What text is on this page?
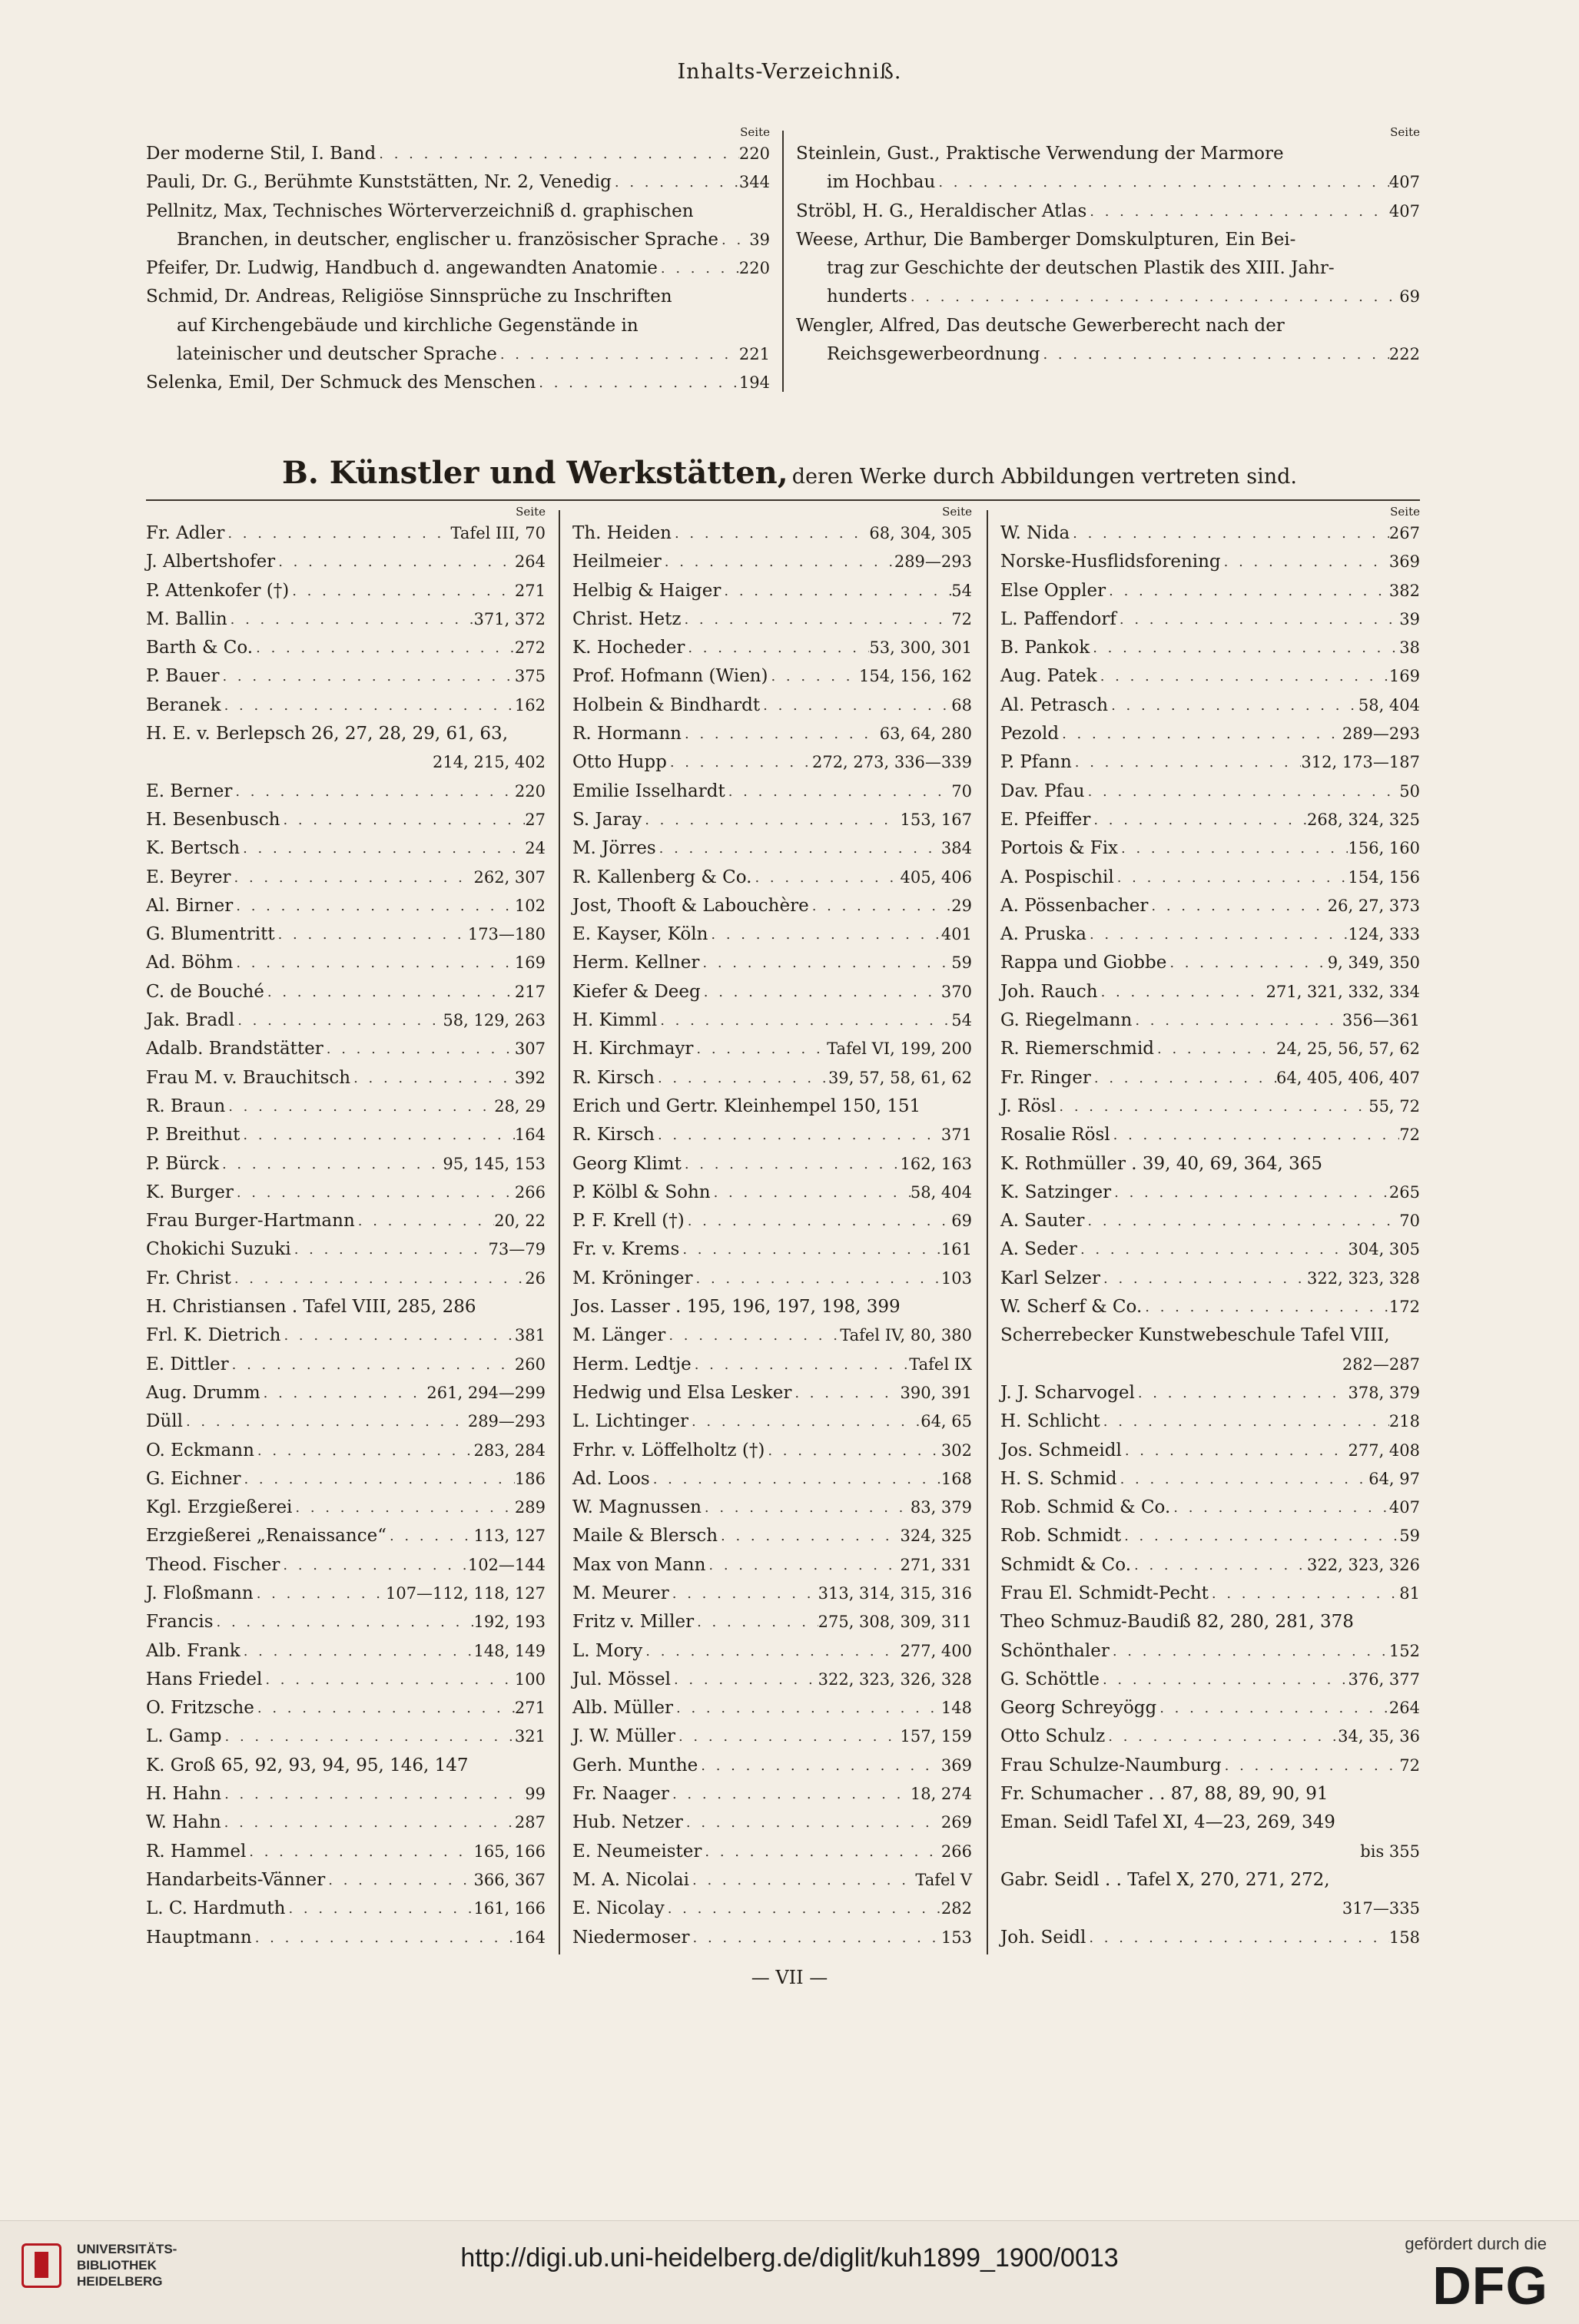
Inhalts-Verzeichniß.
Seite
Der moderne Stil, I. Band . . .	220
Pauli, Dr. G., Berühmte Kunststätten, Nr. 2, Venedig . . .	344
Pellnitz, Max, Technisches Wörterverzeichniß d. graphischen
Branchen, in deutscher, englischer u. französischer Sprache . . . 39
Pfeifer, Dr. Ludwig, Handbuch d. angewandten Anatomie . . .	220
Schmid, Dr. Andreas, Religiöse Sinnsprüche zu Inschriften
auf Kirchengebäude und kirchliche Gegenstände in
lateinischer und deutscher Sprache . . .	221
Selenka, Emil, Der Schmuck des Menschen . . .	194
Seite
Steinlein, Gust., Praktische Verwendung der Marmore
im Hochbau . . .	407
Ströbl, H. G., Heraldischer Atlas . . .	407
Weese, Arthur, Die Bamberger Domskulpturen, Ein Bei-
trag zur Geschichte der deutschen Plastik des XIII. Jahr-
hunderts . . .	69
Wengler, Alfred, Das deutsche Gewerberecht nach der
Reichsgewerbeordnung . . .	222
B. Künstler und Werkstätten, deren Werke durch Abbildungen vertreten sind.
Seite
Fr. Adler . . .	Tafel III, 70
J. Albertshofer . . .	264
P. Attenkofer (†) . . .	271
M. Ballin . . .	371, 372
Barth & Co. . . .	272
P. Bauer . . .	375
Beranek . . .	162
H. E. v. Berlepsch 26, 27, 28, 29, 61, 63,
214, 215, 402
E. Berner . . .	220
H. Besenbusch . . .	27
K. Bertsch . . .	24
E. Beyrer . . .	262, 307
Al. Birner . . .	102
G. Blumentritt . . .	173—180
Ad. Böhm . . .	169
C. de Bouché . . .	217
Jak. Bradl . . .	58, 129, 263
Adalb. Brandstätter . . .	307
Frau M. v. Brauchitsch . . .	392
R. Braun . . .	28, 29
P. Breithut . . .	164
P. Bürck . . .	95, 145, 153
K. Burger . . .	266
Frau Burger-Hartmann . . .	20, 22
Chokichi Suzuki . . .	73—79
Fr. Christ . . .	26
H. Christiansen . Tafel VIII, 285, 286
Frl. K. Dietrich . . .	381
E. Dittler . . .	260
Aug. Drumm . . .	261, 294—299
Düll . . .	289—293
O. Eckmann . . .	283, 284
G. Eichner . . .	186
Kgl. Erzgießerei . . .	289
Erzgießerei „Renaissance“ . . .	113, 127
Theod. Fischer . . .	102—144
J. Floßmann . . .	107—112, 118, 127
Francis . . .	192, 193
Alb. Frank . . .	148, 149
Hans Friedel . . .	100
O. Fritzsche . . .	271
L. Gamp . . .	321
K. Groß 65, 92, 93, 94, 95, 146, 147
H. Hahn . . .	99
W. Hahn . . .	287
R. Hammel . . .	165, 166
Handarbeits-Vänner . . .	366, 367
L. C. Hardmuth . . .	161, 166
Hauptmann . . .	164
Seite
Th. Heiden . . .	68, 304, 305
Heilmeier . . .	289—293
Helbig & Haiger . . .	54
Christ. Hetz . . .	72
K. Hocheder . . .	53, 300, 301
Prof. Hofmann (Wien) . . .	154, 156, 162
Holbein & Bindhardt . . .	68
R. Hormann . . .	63, 64, 280
Otto Hupp . . .	272, 273, 336—339
Emilie Isselhardt . . .	70
S. Jaray . . .	153, 167
M. Jörres . . .	384
R. Kallenberg & Co. . . .	405, 406
Jost, Thooft & Labouchère . . .	29
E. Kayser, Köln . . .	401
Herm. Kellner . . .	59
Kiefer & Deeg . . .	370
H. Kimml . . .	54
H. Kirchmayr . . .	Tafel VI, 199, 200
R. Kirsch . . .	39, 57, 58, 61, 62
Erich und Gertr. Kleinhempel 150, 151
R. Kirsch . . .	371
Georg Klimt . . .	162, 163
P. Kölbl & Sohn . . .	58, 404
P. F. Krell (†) . . .	69
Fr. v. Krems . . .	161
M. Kröninger . . .	103
Jos. Lasser . 195, 196, 197, 198, 399
M. Länger . . .	Tafel IV, 80, 380
Herm. Ledtje . . .	Tafel IX
Hedwig und Elsa Lesker . . .	390, 391
L. Lichtinger . . .	64, 65
Frhr. v. Löffelholtz (†) . . .	302
Ad. Loos . . .	168
W. Magnussen . . .	83, 379
Maile & Blersch . . .	324, 325
Max von Mann . . .	271, 331
M. Meurer . . .	313, 314, 315, 316
Fritz v. Miller . . .	275, 308, 309, 311
L. Mory . . .	277, 400
Jul. Mössel . . .	322, 323, 326, 328
Alb. Müller . . .	148
J. W. Müller . . .	157, 159
Gerh. Munthe . . .	369
Fr. Naager . . .	18, 274
Hub. Netzer . . .	269
E. Neumeister . . .	266
M. A. Nicolai . . .	Tafel V
E. Nicolay . . .	282
Niedermoser . . .	153
Seite
W. Nida . . .	267
Norske-Husflidsforening . . .	369
Else Oppler . . .	382
L. Paffendorf . . .	39
B. Pankok . . .	38
Aug. Patek . . .	169
Al. Petrasch . . .	58, 404
Pezold . . .	289—293
P. Pfann . . .	312, 173—187
Dav. Pfau . . .	50
E. Pfeiffer . . .	268, 324, 325
Portois & Fix . . .	156, 160
A. Pospischil . . .	154, 156
A. Pössenbacher . . .	26, 27, 373
A. Pruska . . .	124, 333
Rappa und Giobbe . . .	9, 349, 350
Joh. Rauch . . .	271, 321, 332, 334
G. Riegelmann . . .	356—361
R. Riemerschmid . . .	24, 25, 56, 57, 62
Fr. Ringer . . .	64, 405, 406, 407
J. Rösl . . .	55, 72
Rosalie Rösl . . .	72
K. Rothmüller . 39, 40, 69, 364, 365
K. Satzinger . . .	265
A. Sauter . . .	70
A. Seder . . .	304, 305
Karl Selzer . . .	322, 323, 328
W. Scherf & Co. . . .	172
Scherrebecker Kunstwebeschule Tafel VIII,
282—287
J. J. Scharvogel . . .	378, 379
H. Schlicht . . .	218
Jos. Schmeidl . . .	277, 408
H. S. Schmid . . .	64, 97
Rob. Schmid & Co. . . .	407
Rob. Schmidt . . .	59
Schmidt & Co. . . .	322, 323, 326
Frau El. Schmidt-Pecht . . .	81
Theo Schmuz-Baudiß 82, 280, 281, 378
Schönthaler . . .	152
G. Schöttle . . .	376, 377
Georg Schreyögg . . .	264
Otto Schulz . . .	34, 35, 36
Frau Schulze-Naumburg . . .	72
Fr. Schumacher . . 87, 88, 89, 90, 91
Eman. Seidl Tafel XI, 4—23, 269, 349
bis 355
Gabr. Seidl . . Tafel X, 270, 271, 272,
317—335
Joh. Seidl . . .	158
— VII —
UNIVERSITÄTS-
BIBLIOTHEK
HEIDELBERG
http://digi.ub.uni-heidelberg.de/diglit/kuh1899_1900/0013	gefördert durch die
DFG
